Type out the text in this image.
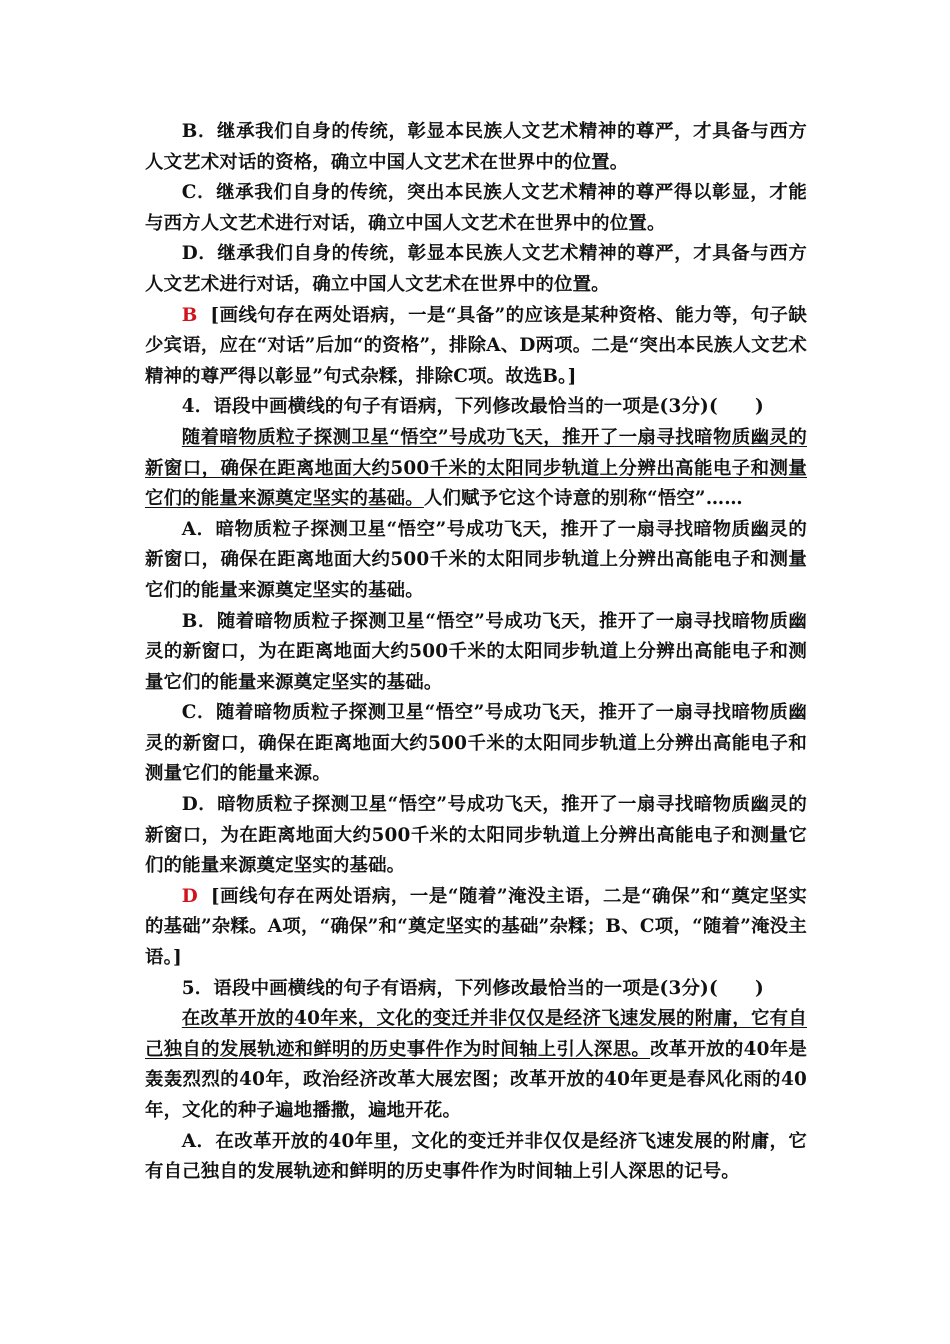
B．继承我们自身的传统，彰显本民族人文艺术精神的尊严，才具备与西方人文艺术对话的资格，确立中国人文艺术在世界中的位置。

C．继承我们自身的传统，突出本民族人文艺术精神的尊严得以彰显，才能与西方人文艺术进行对话，确立中国人文艺术在世界中的位置。

D．继承我们自身的传统，彰显本民族人文艺术精神的尊严，才具备与西方人文艺术进行对话，确立中国人文艺术在世界中的位置。

B [画线句存在两处语病，一是“具备”的应该是某种资格、能力等，句子缺少宾语，应在“对话”后加“的资格”，排除A、D两项。二是“突出本民族人文艺术精神的尊严得以彰显”句式杂糅，排除C项。故选B。]

4．语段中画横线的句子有语病，下列修改最恰当的一项是(3分)(　　)

随着暗物质粒子探测卫星“悟空”号成功飞天，推开了一扇寻找暗物质幽灵的新窗口，确保在距离地面大约500千米的太阳同步轨道上分辨出高能电子和测量它们的能量来源奠定坚实的基础。人们赋予它这个诗意的别称“悟空”……

A．暗物质粒子探测卫星“悟空”号成功飞天，推开了一扇寻找暗物质幽灵的新窗口，确保在距离地面大约500千米的太阳同步轨道上分辨出高能电子和测量它们的能量来源奠定坚实的基础。

B．随着暗物质粒子探测卫星“悟空”号成功飞天，推开了一扇寻找暗物质幽灵的新窗口，为在距离地面大约500千米的太阳同步轨道上分辨出高能电子和测量它们的能量来源奠定坚实的基础。

C．随着暗物质粒子探测卫星“悟空”号成功飞天，推开了一扇寻找暗物质幽灵的新窗口，确保在距离地面大约500千米的太阳同步轨道上分辨出高能电子和测量它们的能量来源。

D．暗物质粒子探测卫星“悟空”号成功飞天，推开了一扇寻找暗物质幽灵的新窗口，为在距离地面大约500千米的太阳同步轨道上分辨出高能电子和测量它们的能量来源奠定坚实的基础。

D [画线句存在两处语病，一是“随着”淹没主语，二是“确保”和“奠定坚实的基础”杂糅。A项，“确保”和“奠定坚实的基础”杂糅；B、C项，“随着”淹没主语。]

5．语段中画横线的句子有语病，下列修改最恰当的一项是(3分)(　　)

在改革开放的40年来，文化的变迁并非仅仅是经济飞速发展的附庸，它有自己独自的发展轨迹和鲜明的历史事件作为时间轴上引人深思。改革开放的40年是轰轰烈烈的40年，政治经济改革大展宏图；改革开放的40年更是春风化雨的40年，文化的种子遍地播撒，遍地开花。

A．在改革开放的40年里，文化的变迁并非仅仅是经济飞速发展的附庸，它有自己独自的发展轨迹和鲜明的历史事件作为时间轴上引人深思的记号。
